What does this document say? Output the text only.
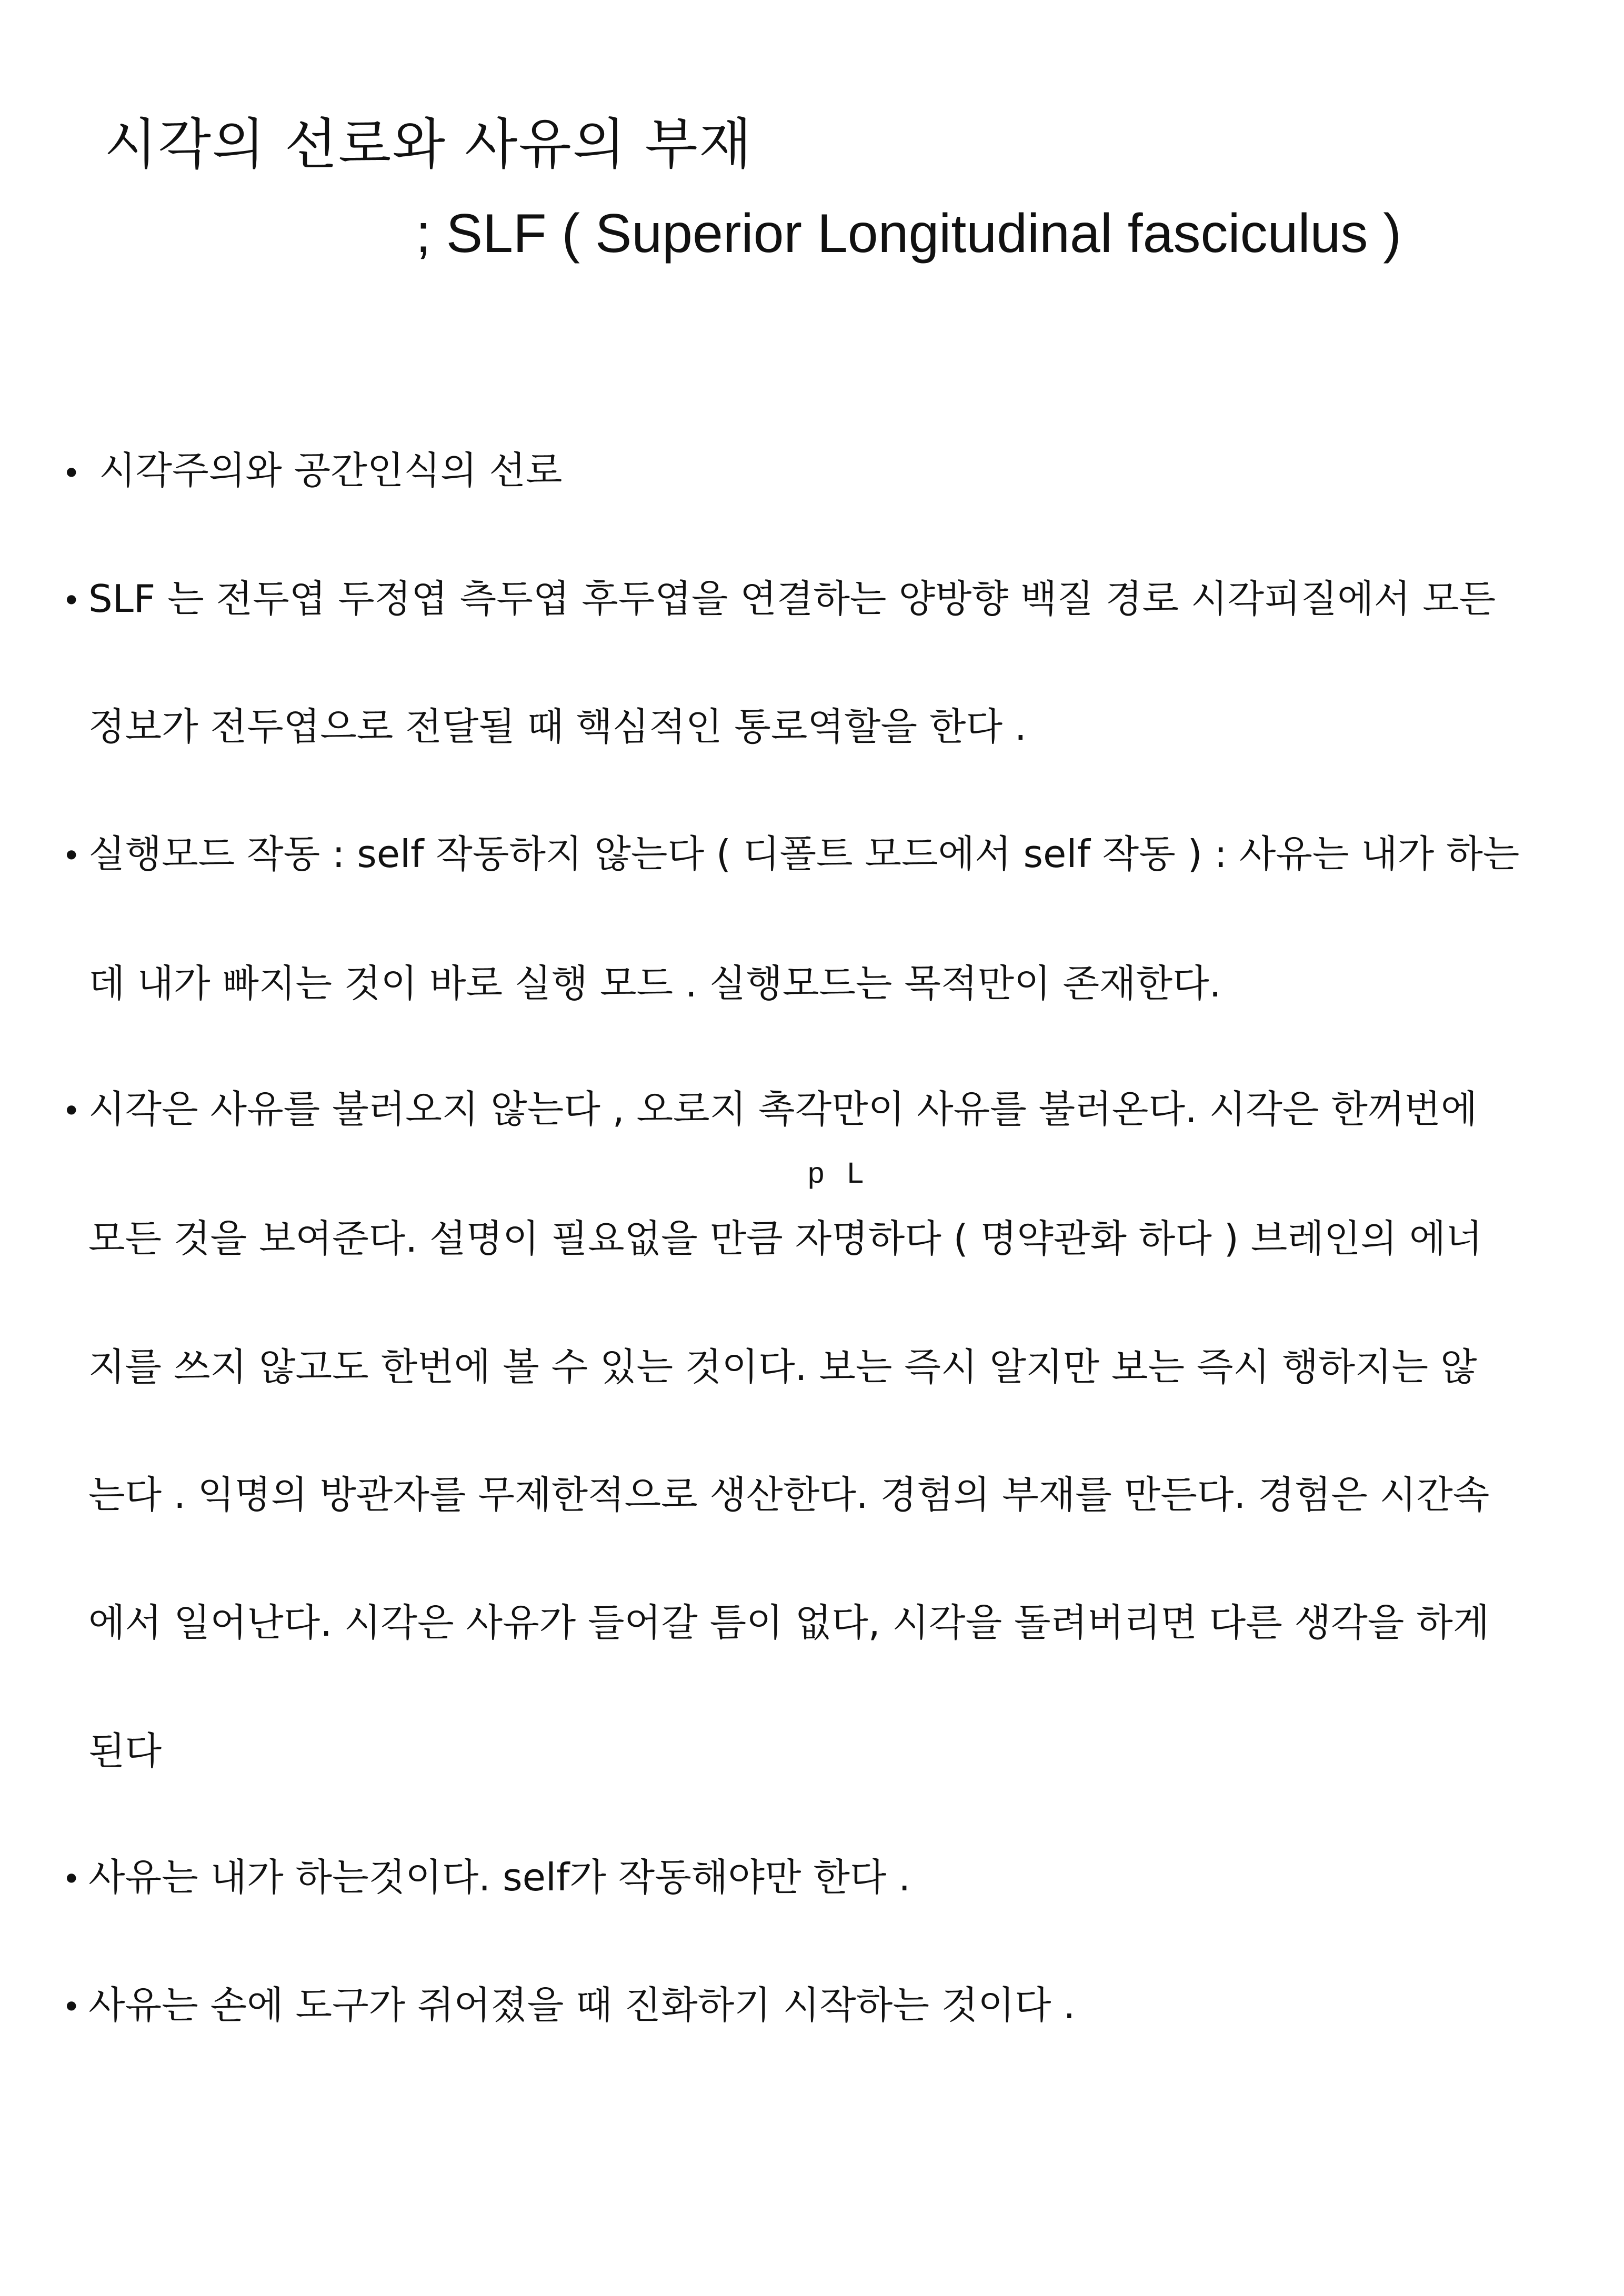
시각의 선로와 사유의 부재
; SLF ( Superior Longitudinal fasciculus )
• 시각주의와 공간인식의 선로
• SLF 는 전두엽 두정엽 측두엽 후두엽을 연결하는 양방향 백질 경로 시각피질에서 모든
정보가 전두엽으로 전달될 때 핵심적인 통로역할을 한다 .
• 실행모드 작동 : self 작동하지 않는다 ( 디폴트 모드에서 self 작동 ) : 사유는 내가 하는
데 내가 빠지는 것이 바로 실행 모드 . 실행모드는 목적만이 존재한다.
• 시각은 사유를 불러오지 않는다 , 오로지 촉각만이 사유를 불러온다. 시각은 한꺼번에
p L
모든 것을 보여준다. 설명이 필요없을 만큼 자명하다 ( 명약관화 하다 ) 브레인의 에너
지를 쓰지 않고도 한번에 볼 수 있는 것이다. 보는 즉시 알지만 보는 즉시 행하지는 않
는다 . 익명의 방관자를 무제한적으로 생산한다. 경험의 부재를 만든다. 경험은 시간속
에서 일어난다. 시각은 사유가 들어갈 틈이 없다, 시각을 돌려버리면 다른 생각을 하게
된다
• 사유는 내가 하는것이다. self가 작동해야만 한다 .
• 사유는 손에 도구가 쥐어졌을 때 진화하기 시작하는 것이다 .
